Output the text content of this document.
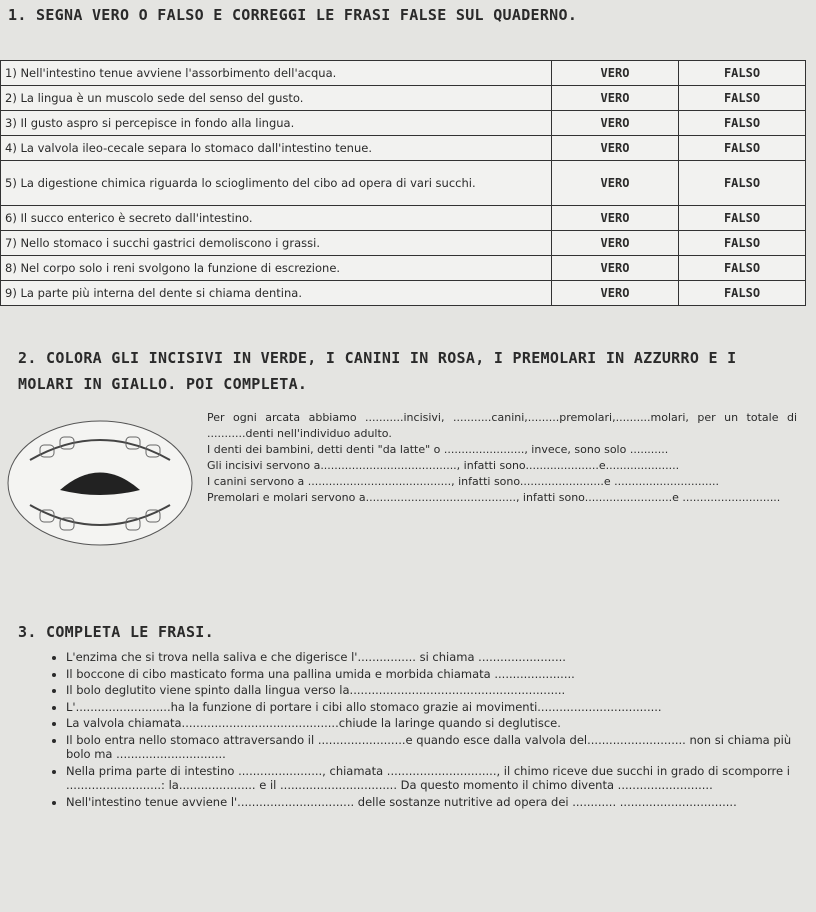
1. SEGNA VERO O FALSO E CORREGGI LE FRASI FALSE SUL QUADERNO.
1) Nell'intestino tenue avviene l'assorbimento dell'acqua.	VERO	FALSO
2) La lingua è un muscolo sede del senso del gusto.	VERO	FALSO
3) Il gusto aspro si percepisce in fondo alla lingua.	VERO	FALSO
4) La valvola ileo-cecale separa lo stomaco dall'intestino tenue.	VERO	FALSO
5) La digestione chimica riguarda lo scioglimento del cibo ad opera di vari succhi.	VERO	FALSO
6) Il succo enterico è secreto dall'intestino.	VERO	FALSO
7) Nello stomaco i succhi gastrici demoliscono i grassi.	VERO	FALSO
8) Nel corpo solo i reni svolgono la funzione di escrezione.	VERO	FALSO
9) La parte più interna del dente si chiama dentina.	VERO	FALSO
2. COLORA GLI INCISIVI IN VERDE, I CANINI IN ROSA, I PREMOLARI IN AZZURRO E I MOLARI IN GIALLO. POI COMPLETA.

Per ogni arcata abbiamo ...........incisivi, ...........canini,.........premolari,..........molari, per un totale di ...........denti nell'individuo adulto.

I denti dei bambini, detti denti "da latte" o ......................., invece, sono solo ...........

Gli incisivi servono a......................................., infatti sono.....................e.....................

I canini servono a ........................................., infatti sono........................e ..............................

Premolari e molari servono a..........................................., infatti sono.........................e ............................

3. COMPLETA LE FRASI.
• L'enzima che si trova nella saliva e che digerisce l'................ si chiama ........................
• Il boccone di cibo masticato forma una pallina umida e morbida chiamata ......................
• Il bolo deglutito viene spinto dalla lingua verso la...........................................................
• L'..........................ha la funzione di portare i cibi allo stomaco grazie ai movimenti..................................
• La valvola chiamata...........................................chiude la laringe quando si deglutisce.
• Il bolo entra nello stomaco attraversando il ........................e quando esce dalla valvola del........................... non si chiama più bolo ma ..............................
• Nella prima parte di intestino ......................., chiamata .............................., il chimo riceve due succhi in grado di scomporre i ..........................: la..................... e il ................................ Da questo momento il chimo diventa ..........................
• Nell'intestino tenue avviene l'................................ delle sostanze nutritive ad opera dei ............ ................................
